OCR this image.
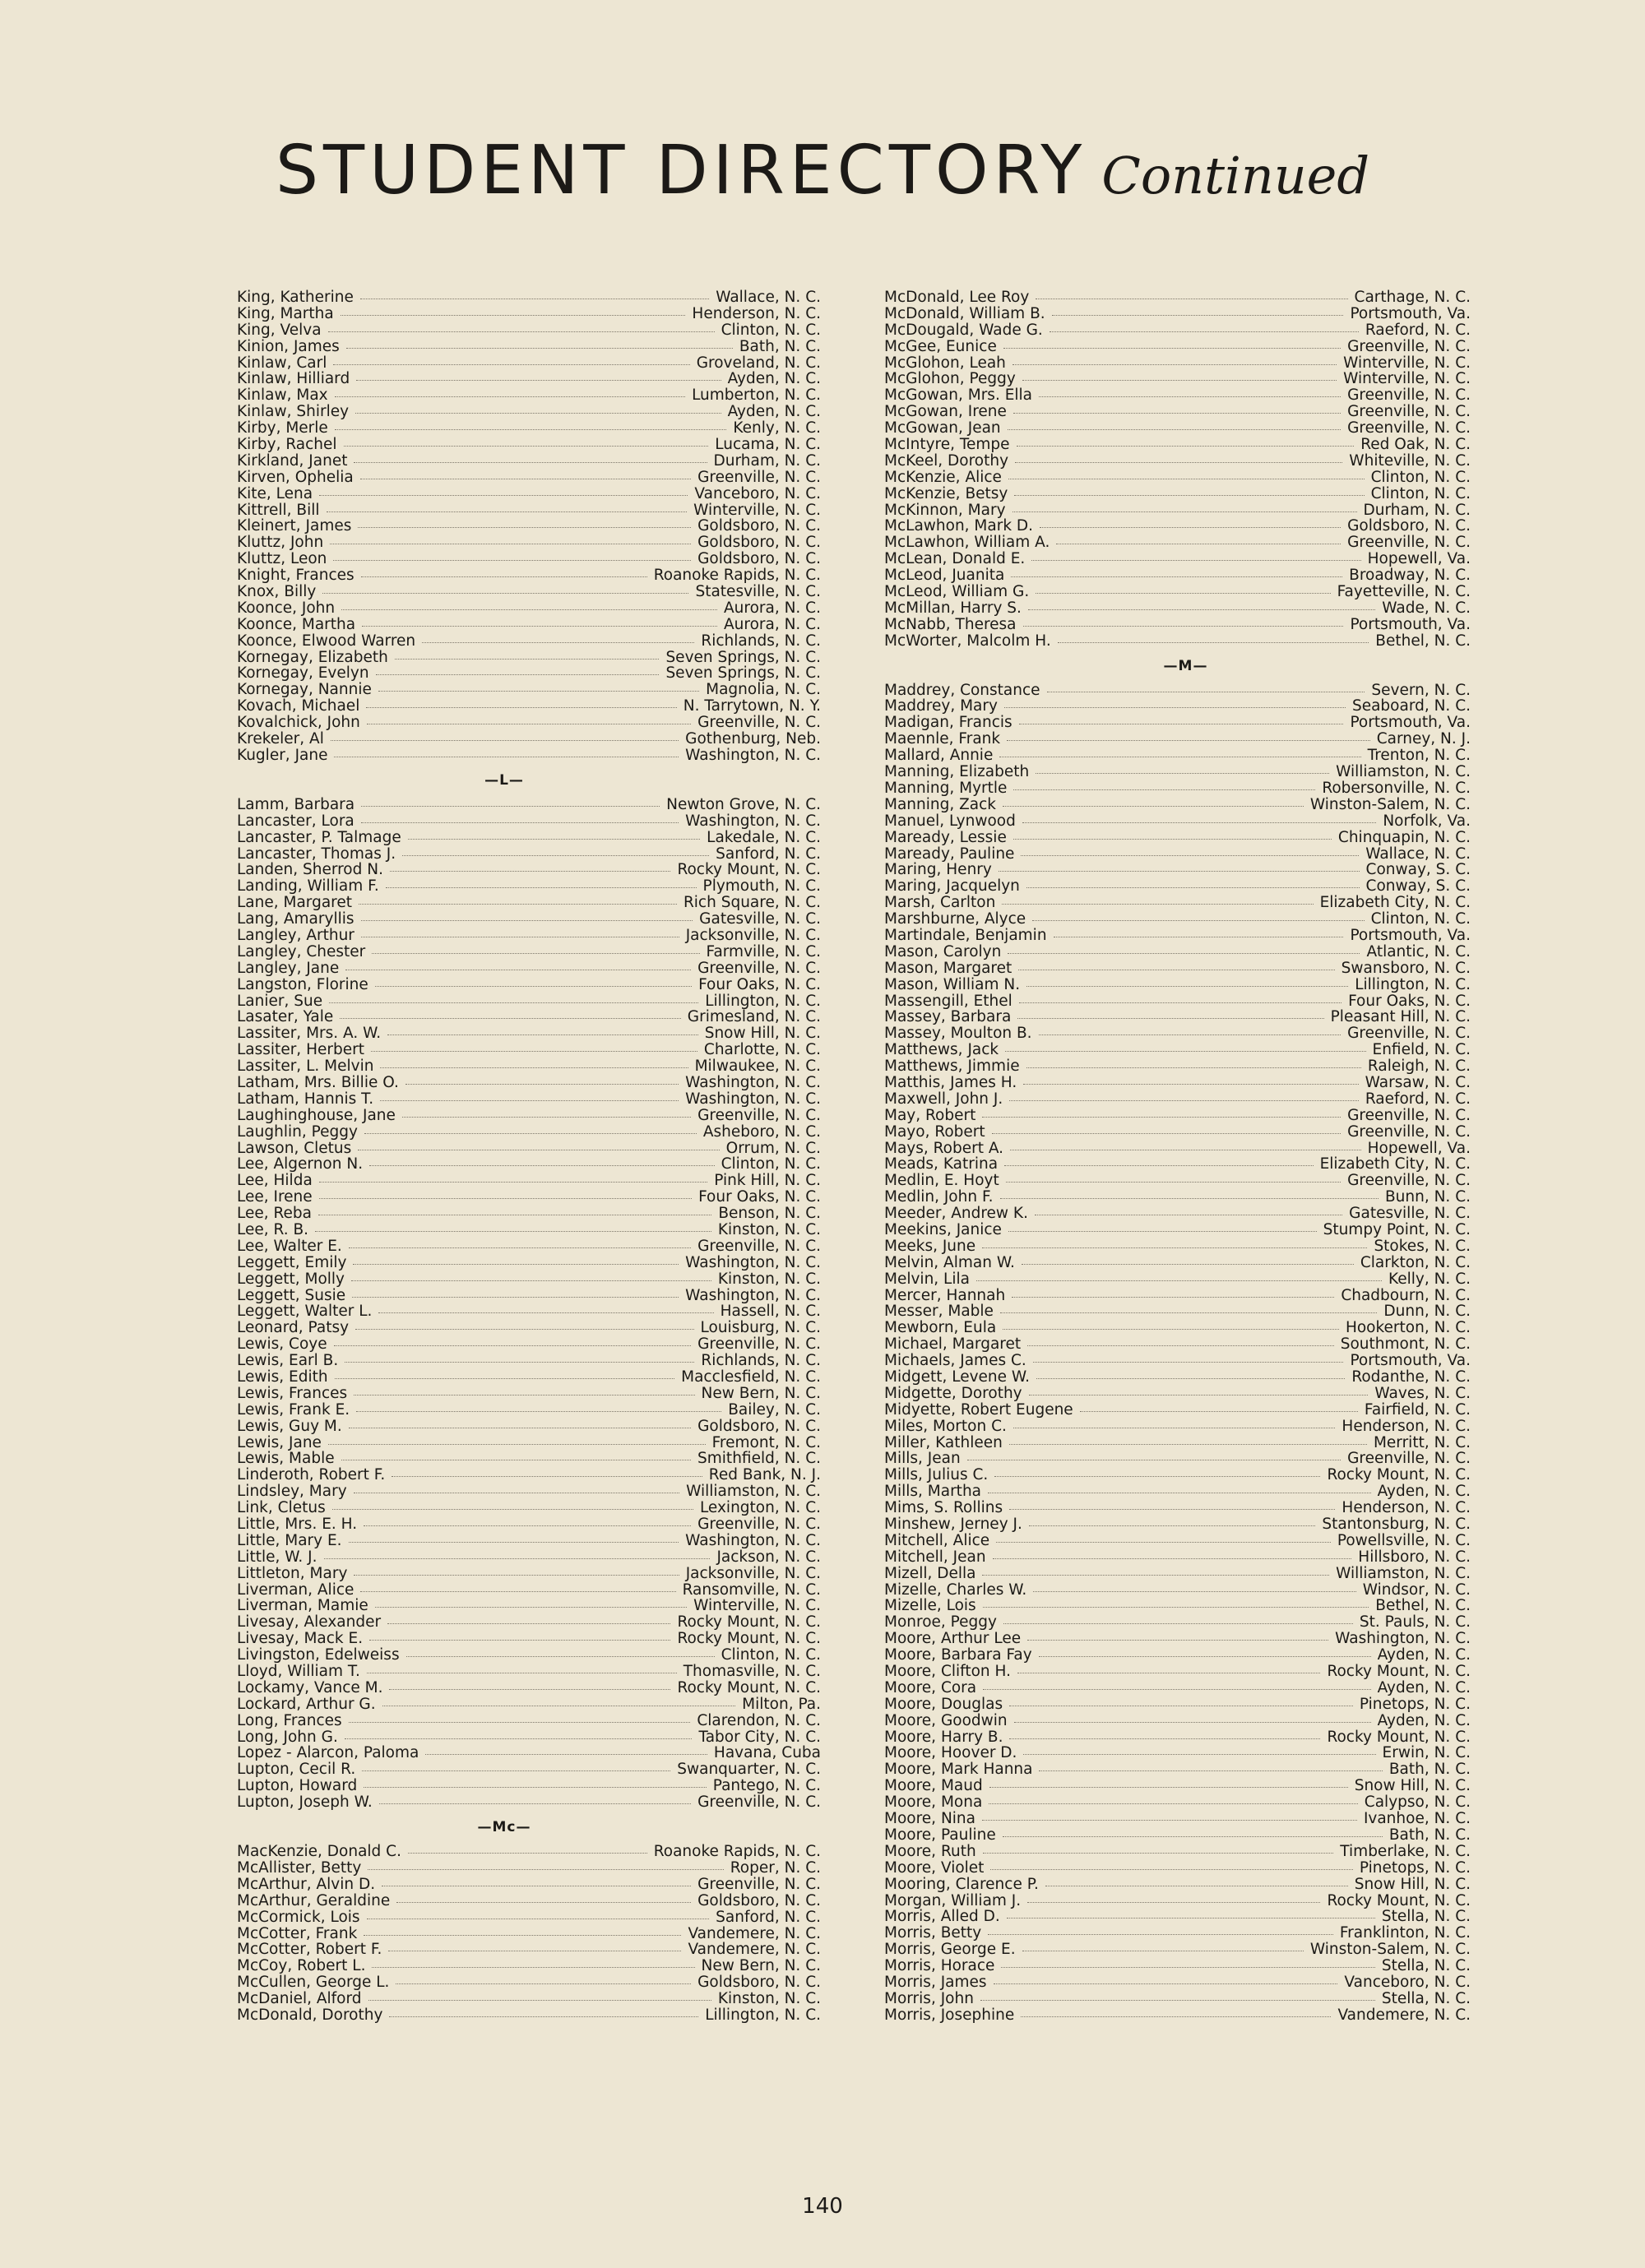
STUDENT DIRECTORY Continued
King, Katherine	Wallace, N. C.
King, Martha	Henderson, N. C.
King, Velva	Clinton, N. C.
Kinion, James	Bath, N. C.
Kinlaw, Carl	Groveland, N. C.
Kinlaw, Hilliard	Ayden, N. C.
Kinlaw, Max	Lumberton, N. C.
Kinlaw, Shirley	Ayden, N. C.
Kirby, Merle	Kenly, N. C.
Kirby, Rachel	Lucama, N. C.
Kirkland, Janet	Durham, N. C.
Kirven, Ophelia	Greenville, N. C.
Kite, Lena	Vanceboro, N. C.
Kittrell, Bill	Winterville, N. C.
Kleinert, James	Goldsboro, N. C.
Kluttz, John	Goldsboro, N. C.
Kluttz, Leon	Goldsboro, N. C.
Knight, Frances	Roanoke Rapids, N. C.
Knox, Billy	Statesville, N. C.
Koonce, John	Aurora, N. C.
Koonce, Martha	Aurora, N. C.
Koonce, Elwood Warren	Richlands, N. C.
Kornegay, Elizabeth	Seven Springs, N. C.
Kornegay, Evelyn	Seven Springs, N. C.
Kornegay, Nannie	Magnolia, N. C.
Kovach, Michael	N. Tarrytown, N. Y.
Kovalchick, John	Greenville, N. C.
Krekeler, Al	Gothenburg, Neb.
Kugler, Jane	Washington, N. C.
—L—
Lamm, Barbara	Newton Grove, N. C.
Lancaster, Lora	Washington, N. C.
Lancaster, P. Talmage	Lakedale, N. C.
Lancaster, Thomas J.	Sanford, N. C.
Landen, Sherrod N.	Rocky Mount, N. C.
Landing, William F.	Plymouth, N. C.
Lane, Margaret	Rich Square, N. C.
Lang, Amaryllis	Gatesville, N. C.
Langley, Arthur	Jacksonville, N. C.
Langley, Chester	Farmville, N. C.
Langley, Jane	Greenville, N. C.
Langston, Florine	Four Oaks, N. C.
Lanier, Sue	Lillington, N. C.
Lasater, Yale	Grimesland, N. C.
Lassiter, Mrs. A. W.	Snow Hill, N. C.
Lassiter, Herbert	Charlotte, N. C.
Lassiter, L. Melvin	Milwaukee, N. C.
Latham, Mrs. Billie O.	Washington, N. C.
Latham, Hannis T.	Washington, N. C.
Laughinghouse, Jane	Greenville, N. C.
Laughlin, Peggy	Asheboro, N. C.
Lawson, Cletus	Orrum, N. C.
Lee, Algernon N.	Clinton, N. C.
Lee, Hilda	Pink Hill, N. C.
Lee, Irene	Four Oaks, N. C.
Lee, Reba	Benson, N. C.
Lee, R. B.	Kinston, N. C.
Lee, Walter E.	Greenville, N. C.
Leggett, Emily	Washington, N. C.
Leggett, Molly	Kinston, N. C.
Leggett, Susie	Washington, N. C.
Leggett, Walter L.	Hassell, N. C.
Leonard, Patsy	Louisburg, N. C.
Lewis, Coye	Greenville, N. C.
Lewis, Earl B.	Richlands, N. C.
Lewis, Edith	Macclesfield, N. C.
Lewis, Frances	New Bern, N. C.
Lewis, Frank E.	Bailey, N. C.
Lewis, Guy M.	Goldsboro, N. C.
Lewis, Jane	Fremont, N. C.
Lewis, Mable	Smithfield, N. C.
Linderoth, Robert F.	Red Bank, N. J.
Lindsley, Mary	Williamston, N. C.
Link, Cletus	Lexington, N. C.
Little, Mrs. E. H.	Greenville, N. C.
Little, Mary E.	Washington, N. C.
Little, W. J.	Jackson, N. C.
Littleton, Mary	Jacksonville, N. C.
Liverman, Alice	Ransomville, N. C.
Liverman, Mamie	Winterville, N. C.
Livesay, Alexander	Rocky Mount, N. C.
Livesay, Mack E.	Rocky Mount, N. C.
Livingston, Edelweiss	Clinton, N. C.
Lloyd, William T.	Thomasville, N. C.
Lockamy, Vance M.	Rocky Mount, N. C.
Lockard, Arthur G.	Milton, Pa.
Long, Frances	Clarendon, N. C.
Long, John G.	Tabor City, N. C.
Lopez - Alarcon, Paloma	Havana, Cuba
Lupton, Cecil R.	Swanquarter, N. C.
Lupton, Howard	Pantego, N. C.
Lupton, Joseph W.	Greenville, N. C.
—Mc—
MacKenzie, Donald C.	Roanoke Rapids, N. C.
McAllister, Betty	Roper, N. C.
McArthur, Alvin D.	Greenville, N. C.
McArthur, Geraldine	Goldsboro, N. C.
McCormick, Lois	Sanford, N. C.
McCotter, Frank	Vandemere, N. C.
McCotter, Robert F.	Vandemere, N. C.
McCoy, Robert L.	New Bern, N. C.
McCullen, George L.	Goldsboro, N. C.
McDaniel, Alford	Kinston, N. C.
McDonald, Dorothy	Lillington, N. C.
McDonald, Lee Roy	Carthage, N. C.
McDonald, William B.	Portsmouth, Va.
McDougald, Wade G.	Raeford, N. C.
McGee, Eunice	Greenville, N. C.
McGlohon, Leah	Winterville, N. C.
McGlohon, Peggy	Winterville, N. C.
McGowan, Mrs. Ella	Greenville, N. C.
McGowan, Irene	Greenville, N. C.
McGowan, Jean	Greenville, N. C.
McIntyre, Tempe	Red Oak, N. C.
McKeel, Dorothy	Whiteville, N. C.
McKenzie, Alice	Clinton, N. C.
McKenzie, Betsy	Clinton, N. C.
McKinnon, Mary	Durham, N. C.
McLawhon, Mark D.	Goldsboro, N. C.
McLawhon, William A.	Greenville, N. C.
McLean, Donald E.	Hopewell, Va.
McLeod, Juanita	Broadway, N. C.
McLeod, William G.	Fayetteville, N. C.
McMillan, Harry S.	Wade, N. C.
McNabb, Theresa	Portsmouth, Va.
McWorter, Malcolm H.	Bethel, N. C.
—M—
Maddrey, Constance	Severn, N. C.
Maddrey, Mary	Seaboard, N. C.
Madigan, Francis	Portsmouth, Va.
Maennle, Frank	Carney, N. J.
Mallard, Annie	Trenton, N. C.
Manning, Elizabeth	Williamston, N. C.
Manning, Myrtle	Robersonville, N. C.
Manning, Zack	Winston-Salem, N. C.
Manuel, Lynwood	Norfolk, Va.
Maready, Lessie	Chinquapin, N. C.
Maready, Pauline	Wallace, N. C.
Maring, Henry	Conway, S. C.
Maring, Jacquelyn	Conway, S. C.
Marsh, Carlton	Elizabeth City, N. C.
Marshburne, Alyce	Clinton, N. C.
Martindale, Benjamin	Portsmouth, Va.
Mason, Carolyn	Atlantic, N. C.
Mason, Margaret	Swansboro, N. C.
Mason, William N.	Lillington, N. C.
Massengill, Ethel	Four Oaks, N. C.
Massey, Barbara	Pleasant Hill, N. C.
Massey, Moulton B.	Greenville, N. C.
Matthews, Jack	Enfield, N. C.
Matthews, Jimmie	Raleigh, N. C.
Matthis, James H.	Warsaw, N. C.
Maxwell, John J.	Raeford, N. C.
May, Robert	Greenville, N. C.
Mayo, Robert	Greenville, N. C.
Mays, Robert A.	Hopewell, Va.
Meads, Katrina	Elizabeth City, N. C.
Medlin, E. Hoyt	Greenville, N. C.
Medlin, John F.	Bunn, N. C.
Meeder, Andrew K.	Gatesville, N. C.
Meekins, Janice	Stumpy Point, N. C.
Meeks, June	Stokes, N. C.
Melvin, Alman W.	Clarkton, N. C.
Melvin, Lila	Kelly, N. C.
Mercer, Hannah	Chadbourn, N. C.
Messer, Mable	Dunn, N. C.
Mewborn, Eula	Hookerton, N. C.
Michael, Margaret	Southmont, N. C.
Michaels, James C.	Portsmouth, Va.
Midgett, Levene W.	Rodanthe, N. C.
Midgette, Dorothy	Waves, N. C.
Midyette, Robert Eugene	Fairfield, N. C.
Miles, Morton C.	Henderson, N. C.
Miller, Kathleen	Merritt, N. C.
Mills, Jean	Greenville, N. C.
Mills, Julius C.	Rocky Mount, N. C.
Mills, Martha	Ayden, N. C.
Mims, S. Rollins	Henderson, N. C.
Minshew, Jerney J.	Stantonsburg, N. C.
Mitchell, Alice	Powellsville, N. C.
Mitchell, Jean	Hillsboro, N. C.
Mizell, Della	Williamston, N. C.
Mizelle, Charles W.	Windsor, N. C.
Mizelle, Lois	Bethel, N. C.
Monroe, Peggy	St. Pauls, N. C.
Moore, Arthur Lee	Washington, N. C.
Moore, Barbara Fay	Ayden, N. C.
Moore, Clifton H.	Rocky Mount, N. C.
Moore, Cora	Ayden, N. C.
Moore, Douglas	Pinetops, N. C.
Moore, Goodwin	Ayden, N. C.
Moore, Harry B.	Rocky Mount, N. C.
Moore, Hoover D.	Erwin, N. C.
Moore, Mark Hanna	Bath, N. C.
Moore, Maud	Snow Hill, N. C.
Moore, Mona	Calypso, N. C.
Moore, Nina	Ivanhoe, N. C.
Moore, Pauline	Bath, N. C.
Moore, Ruth	Timberlake, N. C.
Moore, Violet	Pinetops, N. C.
Mooring, Clarence P.	Snow Hill, N. C.
Morgan, William J.	Rocky Mount, N. C.
Morris, Alled D.	Stella, N. C.
Morris, Betty	Franklinton, N. C.
Morris, George E.	Winston-Salem, N. C.
Morris, Horace	Stella, N. C.
Morris, James	Vanceboro, N. C.
Morris, John	Stella, N. C.
Morris, Josephine	Vandemere, N. C.
140
